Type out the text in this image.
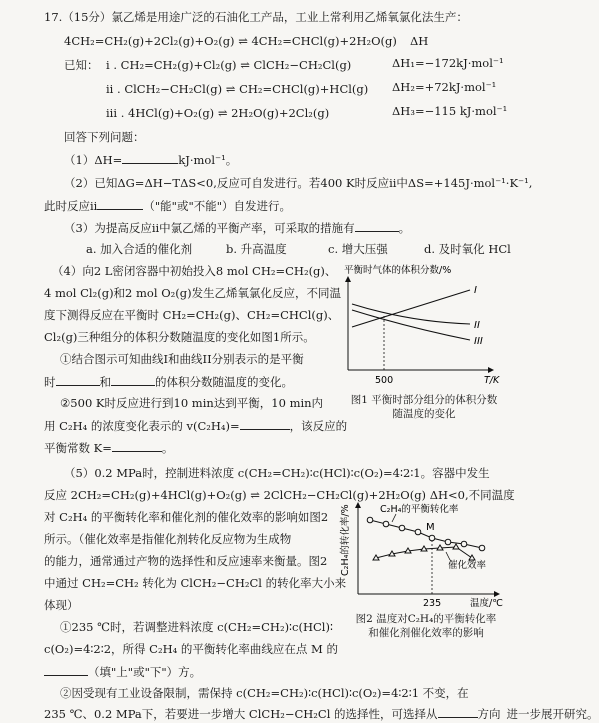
17.（15分）氯乙烯是用途广泛的石油化工产品，工业上常利用乙烯氧氯化法生产：
4CH₂=CH₂(g)+2Cl₂(g)+O₂(g) ⇌ 4CH₂=CHCl(g)+2H₂O(g) ΔH
已知： i . CH₂=CH₂(g)+Cl₂(g) ⇌ ClCH₂−CH₂Cl(g)	ΔH₁=−172kJ·mol⁻¹
ii . ClCH₂−CH₂Cl(g) ⇌ CH₂=CHCl(g)+HCl(g) ΔH₂=+72kJ·mol⁻¹
iii . 4HCl(g)+O₂(g) ⇌ 2H₂O(g)+2Cl₂(g)	ΔH₃=−115 kJ·mol⁻¹
回答下列问题：
（1）ΔH=	kJ·mol⁻¹。
（2）已知ΔG=ΔH−TΔS<0,反应可自发进行。若400 K时反应ii中ΔS=+145J·mol⁻¹·K⁻¹,
此时反应ii	（"能"或"不能"）自发进行。
（3）为提高反应ii中氯乙烯的平衡产率，可采取的措施有	。
a. 加入合适的催化剂	b. 升高温度	c. 增大压强	d. 及时氧化 HCl
（4）向2 L密闭容器中初始投入8 mol CH₂=CH₂(g)、
4 mol Cl₂(g)和2 mol O₂(g)发生乙烯氧氯化反应，不同温
度下测得反应在平衡时 CH₂=CH₂(g)、CH₂=CHCl(g)、
Cl₂(g)三种组分的体积分数随温度的变化如图1所示。
①结合图示可知曲线I和曲线II分别表示的是平衡
时	和	的体积分数随温度的变化。
②500 K时反应进行到10 min达到平衡，10 min内
用 C₂H₄ 的浓度变化表示的 v(C₂H₄)=	，该反应的
平衡常数 K=	。
平衡时气体的体积分数/%
I
II
III
500	T/K
图1 平衡时部分组分的体积分数
随温度的变化
（5）0.2 MPa时，控制进料浓度 c(CH₂=CH₂)∶c(HCl)∶c(O₂)=4∶2∶1。容器中发生
反应 2CH₂=CH₂(g)+4HCl(g)+O₂(g) ⇌ 2ClCH₂−CH₂Cl(g)+2H₂O(g) ΔH<0,不同温度
对 C₂H₄ 的平衡转化率和催化剂的催化效率的影响如图2
所示。（催化效率是指催化剂转化反应物为生成物
的能力，通常通过产物的选择性和反应速率来衡量。图2
中通过 CH₂=CH₂ 转化为 ClCH₂−CH₂Cl 的转化率大小来
体现）
①235 ℃时，若调整进料浓度 c(CH₂=CH₂)∶c(HCl)∶
c(O₂)=4∶2∶2，所得 C₂H₄ 的平衡转化率曲线应在点 M 的
（填"上"或"下"）方。
C₂H₄的转化率/%	C₂H₄的平衡转化率
M
催化效率
235	温度/℃
图2 温度对C₂H₄的平衡转化率
和催化剂催化效率的影响
②因受现有工业设备限制，需保持 c(CH₂=CH₂)∶c(HCl)∶c(O₂)=4∶2∶1 不变，在
235 ℃、0.2 MPa下，若要进一步增大 ClCH₂−CH₂Cl 的选择性，可选择从	方向 进一步展开研究。
